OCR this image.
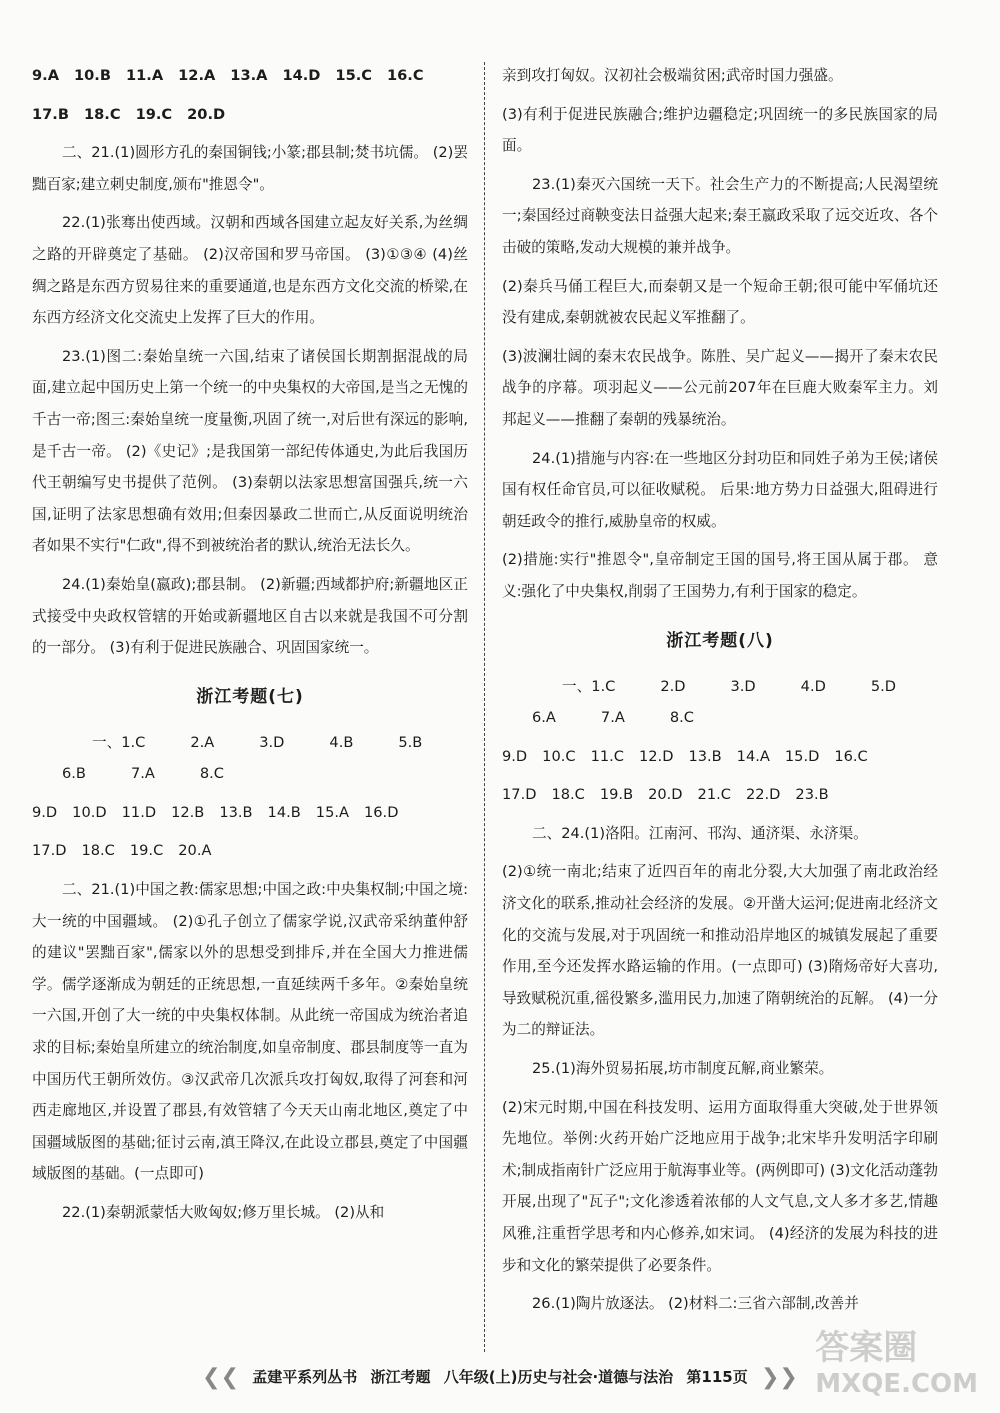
9.A 10.B 11.A 12.A 13.A 14.D 15.C 16.C

17.B 18.C 19.C 20.D

二、21.(1)圆形方孔的秦国铜钱;小篆;郡县制;焚书坑儒。 (2)罢黜百家;建立刺史制度,颁布"推恩令"。

22.(1)张骞出使西域。汉朝和西域各国建立起友好关系,为丝绸之路的开辟奠定了基础。 (2)汉帝国和罗马帝国。 (3)①③④ (4)丝绸之路是东西方贸易往来的重要通道,也是东西方文化交流的桥梁,在东西方经济文化交流史上发挥了巨大的作用。

23.(1)图二:秦始皇统一六国,结束了诸侯国长期割据混战的局面,建立起中国历史上第一个统一的中央集权的大帝国,是当之无愧的千古一帝;图三:秦始皇统一度量衡,巩固了统一,对后世有深远的影响,是千古一帝。 (2)《史记》;是我国第一部纪传体通史,为此后我国历代王朝编写史书提供了范例。 (3)秦朝以法家思想富国强兵,统一六国,证明了法家思想确有效用;但秦因暴政二世而亡,从反面说明统治者如果不实行"仁政",得不到被统治者的默认,统治无法长久。

24.(1)秦始皇(嬴政);郡县制。 (2)新疆;西域都护府;新疆地区正式接受中央政权管辖的开始或新疆地区自古以来就是我国不可分割的一部分。 (3)有利于促进民族融合、巩固国家统一。

浙江考题(七)

一、1.C	2.A	3.D	4.B	5.B6.B	7.A	8.C

9.D 10.D 11.D 12.B 13.B 14.B 15.A 16.D

17.D 18.C 19.C 20.A

二、21.(1)中国之教:儒家思想;中国之政:中央集权制;中国之境:大一统的中国疆域。 (2)①孔子创立了儒家学说,汉武帝采纳董仲舒的建议"罢黜百家",儒家以外的思想受到排斥,并在全国大力推进儒学。儒学逐渐成为朝廷的正统思想,一直延续两千多年。②秦始皇统一六国,开创了大一统的中央集权体制。从此统一帝国成为统治者追求的目标;秦始皇所建立的统治制度,如皇帝制度、郡县制度等一直为中国历代王朝所效仿。③汉武帝几次派兵攻打匈奴,取得了河套和河西走廊地区,并设置了郡县,有效管辖了今天天山南北地区,奠定了中国疆域版图的基础;征讨云南,滇王降汉,在此设立郡县,奠定了中国疆域版图的基础。(一点即可)

22.(1)秦朝派蒙恬大败匈奴;修万里长城。 (2)从和

亲到攻打匈奴。汉初社会极端贫困;武帝时国力强盛。

(3)有利于促进民族融合;维护边疆稳定;巩固统一的多民族国家的局面。

23.(1)秦灭六国统一天下。社会生产力的不断提高;人民渴望统一;秦国经过商鞅变法日益强大起来;秦王嬴政采取了远交近攻、各个击破的策略,发动大规模的兼并战争。

(2)秦兵马俑工程巨大,而秦朝又是一个短命王朝;很可能中军俑坑还没有建成,秦朝就被农民起义军推翻了。

(3)波澜壮阔的秦末农民战争。陈胜、吴广起义——揭开了秦末农民战争的序幕。项羽起义——公元前207年在巨鹿大败秦军主力。刘邦起义——推翻了秦朝的残暴统治。

24.(1)措施与内容:在一些地区分封功臣和同姓子弟为王侯;诸侯国有权任命官员,可以征收赋税。 后果:地方势力日益强大,阻碍进行朝廷政令的推行,威胁皇帝的权威。

(2)措施:实行"推恩令",皇帝制定王国的国号,将王国从属于郡。 意义:强化了中央集权,削弱了王国势力,有利于国家的稳定。

浙江考题(八)

一、1.C	2.D	3.D	4.D	5.D6.A	7.A	8.C

9.D 10.C 11.C 12.D 13.B 14.A 15.D 16.C

17.D 18.C 19.B 20.D 21.C 22.D 23.B

二、24.(1)洛阳。江南河、邗沟、通济渠、永济渠。

(2)①统一南北;结束了近四百年的南北分裂,大大加强了南北政治经济文化的联系,推动社会经济的发展。②开凿大运河;促进南北经济文化的交流与发展,对于巩固统一和推动沿岸地区的城镇发展起了重要作用,至今还发挥水路运输的作用。(一点即可) (3)隋炀帝好大喜功,导致赋税沉重,徭役繁多,滥用民力,加速了隋朝统治的瓦解。 (4)一分为二的辩证法。

25.(1)海外贸易拓展,坊市制度瓦解,商业繁荣。

(2)宋元时期,中国在科技发明、运用方面取得重大突破,处于世界领先地位。举例:火药开始广泛地应用于战争;北宋毕升发明活字印刷术;制成指南针广泛应用于航海事业等。(两例即可) (3)文化活动蓬勃开展,出现了"瓦子";文化渗透着浓郁的人文气息,文人多才多艺,情趣风雅,注重哲学思考和内心修养,如宋词。 (4)经济的发展为科技的进步和文化的繁荣提供了必要条件。

26.(1)陶片放逐法。 (2)材料二:三省六部制,改善并

❮❮ 孟建平系列丛书 浙江考题 八年级(上)历史与社会·道德与法治 第115页 ❯❯
答案圈
MXQE.COM
